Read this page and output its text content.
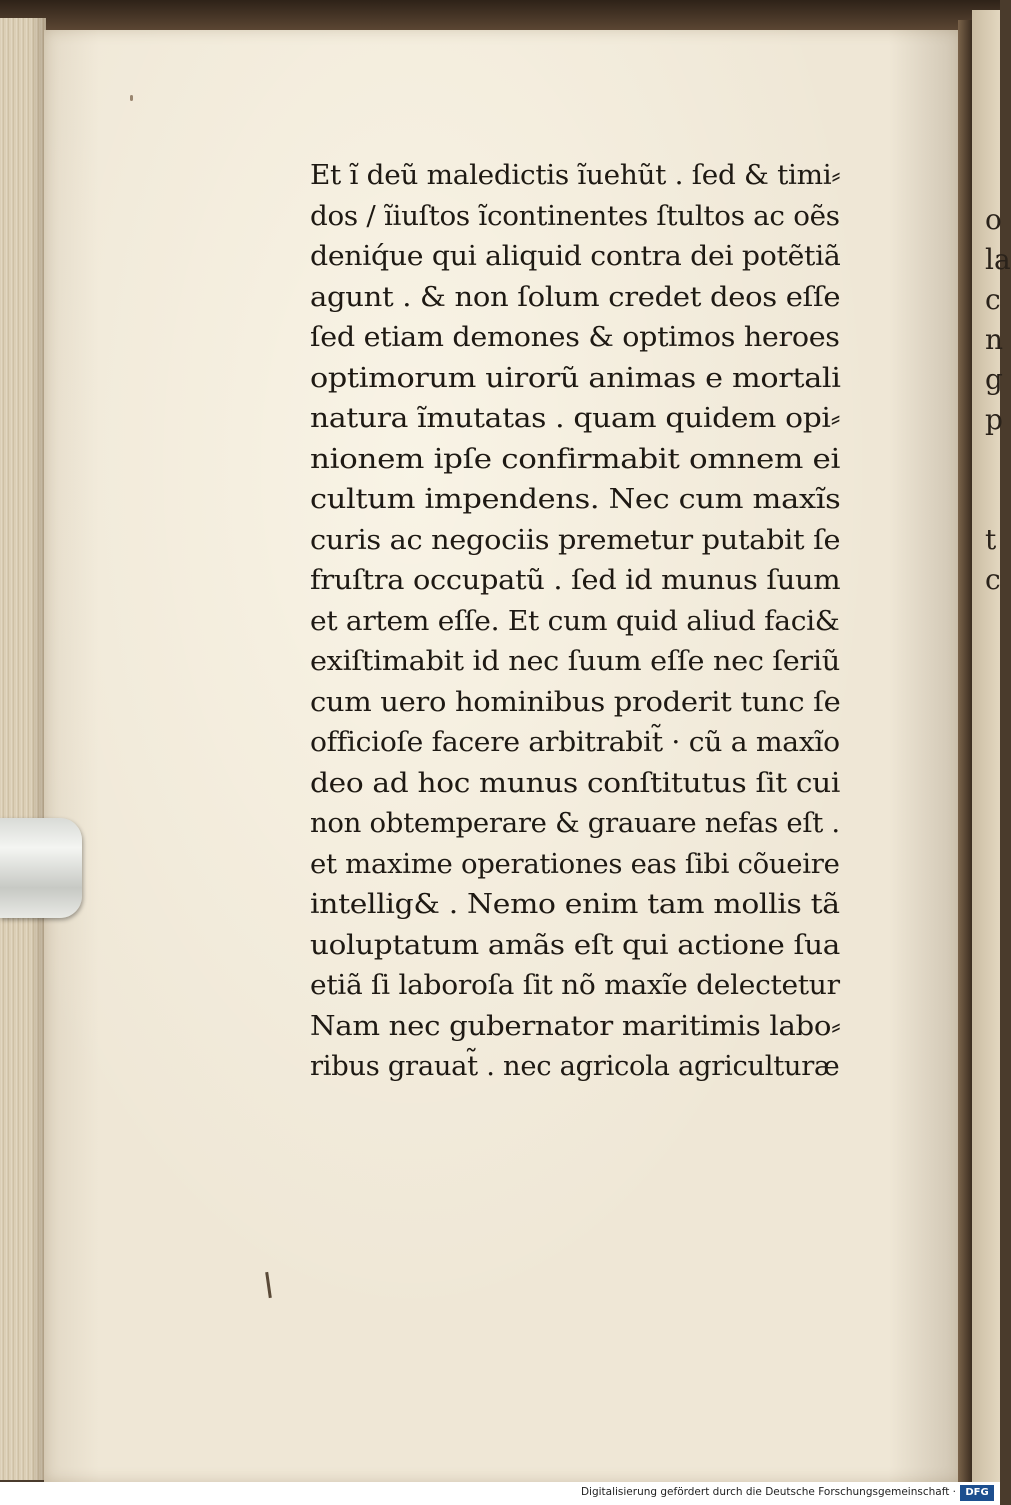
o
la
c
n
g
p

t
c
Et ĩ deũ maledictis ĩuehũt . ſed & timi⸗
dos / ĩiuſtos ĩcontinentes ſtultos ac oẽs
deniq́ue qui aliquid contra dei potẽtiã
agunt . & non ſolum credet deos eſſe
ſed etiam demones & optimos heroes
optimorum uirorũ animas e mortali
natura ĩmutatas . quam quidem opi⸗
nionem ipſe confirmabit omnem ei
cultum impendens. Nec cum maxĩs
curis ac negociis premetur putabit ſe
fruſtra occupatũ . ſed id munus ſuum
et artem eſſe. Et cum quid aliud faci&
exiſtimabit id nec ſuum eſſe nec ſeriũ
cum uero hominibus proderit tunc ſe
officioſe facere arbitrabit̃ · cũ a maxĩo
deo ad hoc munus conſtitutus ſit cui
non obtemperare & grauare nefas eſt .
et maxime operationes eas ſibi cõueire
intellig& . Nemo enim tam mollis tã
uoluptatum amãs eſt qui actione ſua
etiã ſi laboroſa ſit nõ maxĩe delectetur
Nam nec gubernator maritimis labo⸗
ribus grauat̃ . nec agricola agriculturæ
Digitalisierung gefördert durch die Deutsche Forschungsgemeinschaft · DFG
